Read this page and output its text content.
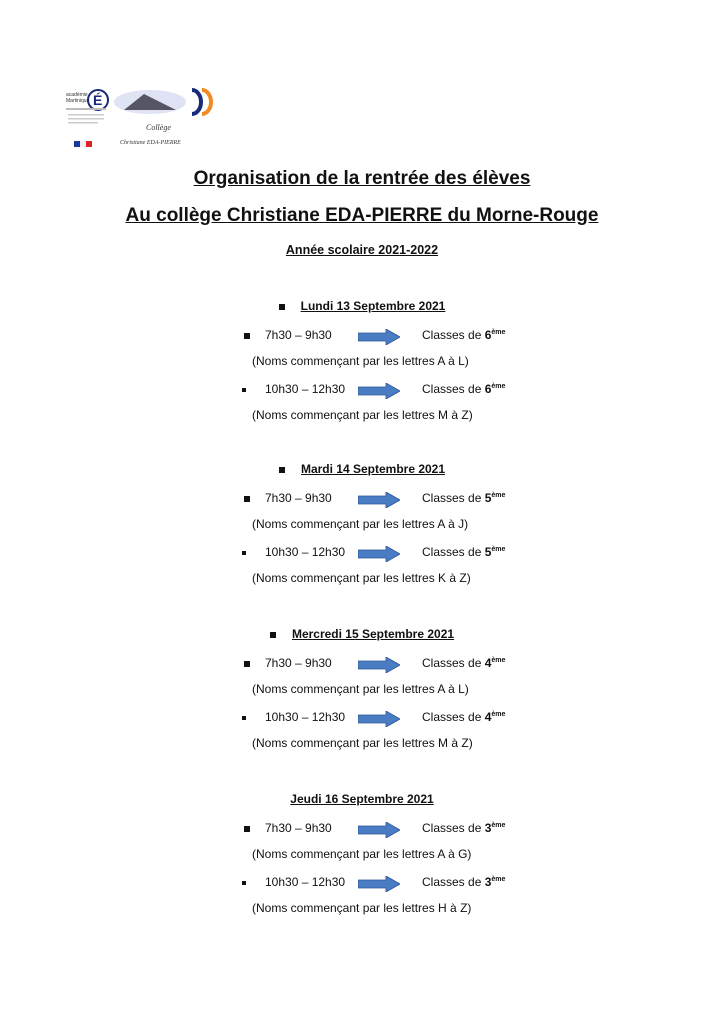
académie
Martinique É
Collège
Christiane EDA-PIERRE
Organisation de la rentrée des élèves
Au collège Christiane EDA-PIERRE du Morne-Rouge
Année scolaire 2021-2022
Lundi 13 Septembre 2021
7h30 – 9h30	Classes de 6ème
(Noms commençant par les lettres A à L)
10h30 – 12h30	Classes de 6ème
(Noms commençant par les lettres M à Z)
Mardi 14 Septembre 2021
7h30 – 9h30	Classes de 5ème
(Noms commençant par les lettres A à J)
10h30 – 12h30	Classes de 5ème
(Noms commençant par les lettres K à Z)
Mercredi 15 Septembre 2021
7h30 – 9h30	Classes de 4ème
(Noms commençant par les lettres A à L)
10h30 – 12h30	Classes de 4ème
(Noms commençant par les lettres M à Z)
Jeudi 16 Septembre 2021
7h30 – 9h30	Classes de 3ème
(Noms commençant par les lettres A à G)
10h30 – 12h30	Classes de 3ème
(Noms commençant par les lettres H à Z)
